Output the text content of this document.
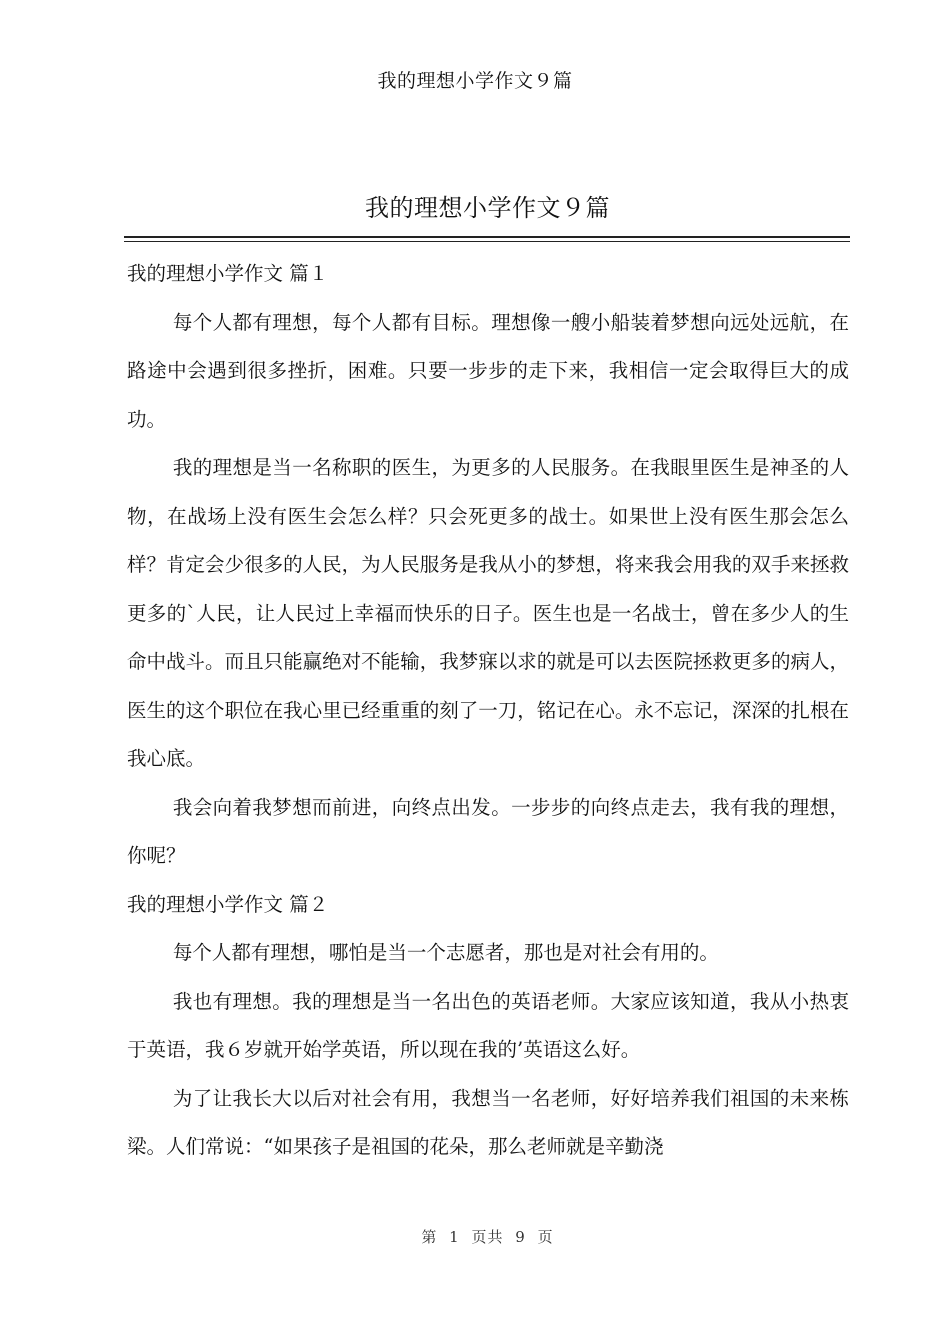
我的理想小学作文９篇
我的理想小学作文９篇

我的理想小学作文 篇１

每个人都有理想，每个人都有目标。理想像一艘小船装着梦想向远处远航，在路途中会遇到很多挫折，困难。只要一步步的走下来，我相信一定会取得巨大的成功。

我的理想是当一名称职的医生，为更多的人民服务。在我眼里医生是神圣的人物，在战场上没有医生会怎么样？只会死更多的战士。如果世上没有医生那会怎么样？肯定会少很多的人民，为人民服务是我从小的梦想，将来我会用我的双手来拯救更多的`人民，让人民过上幸福而快乐的日子。医生也是一名战士，曾在多少人的生命中战斗。而且只能赢绝对不能输，我梦寐以求的就是可以去医院拯救更多的病人，医生的这个职位在我心里已经重重的刻了一刀，铭记在心。永不忘记，深深的扎根在我心底。

我会向着我梦想而前进，向终点出发。一步步的向终点走去，我有我的理想，你呢？

我的理想小学作文 篇２

每个人都有理想，哪怕是当一个志愿者，那也是对社会有用的。

我也有理想。我的理想是当一名出色的英语老师。大家应该知道，我从小热衷于英语，我６岁就开始学英语，所以现在我的’英语这么好。

为了让我长大以后对社会有用，我想当一名老师，好好培养我们祖国的未来栋梁。人们常说：“如果孩子是祖国的花朵，那么老师就是辛勤浇

第 1 页共 9 页
